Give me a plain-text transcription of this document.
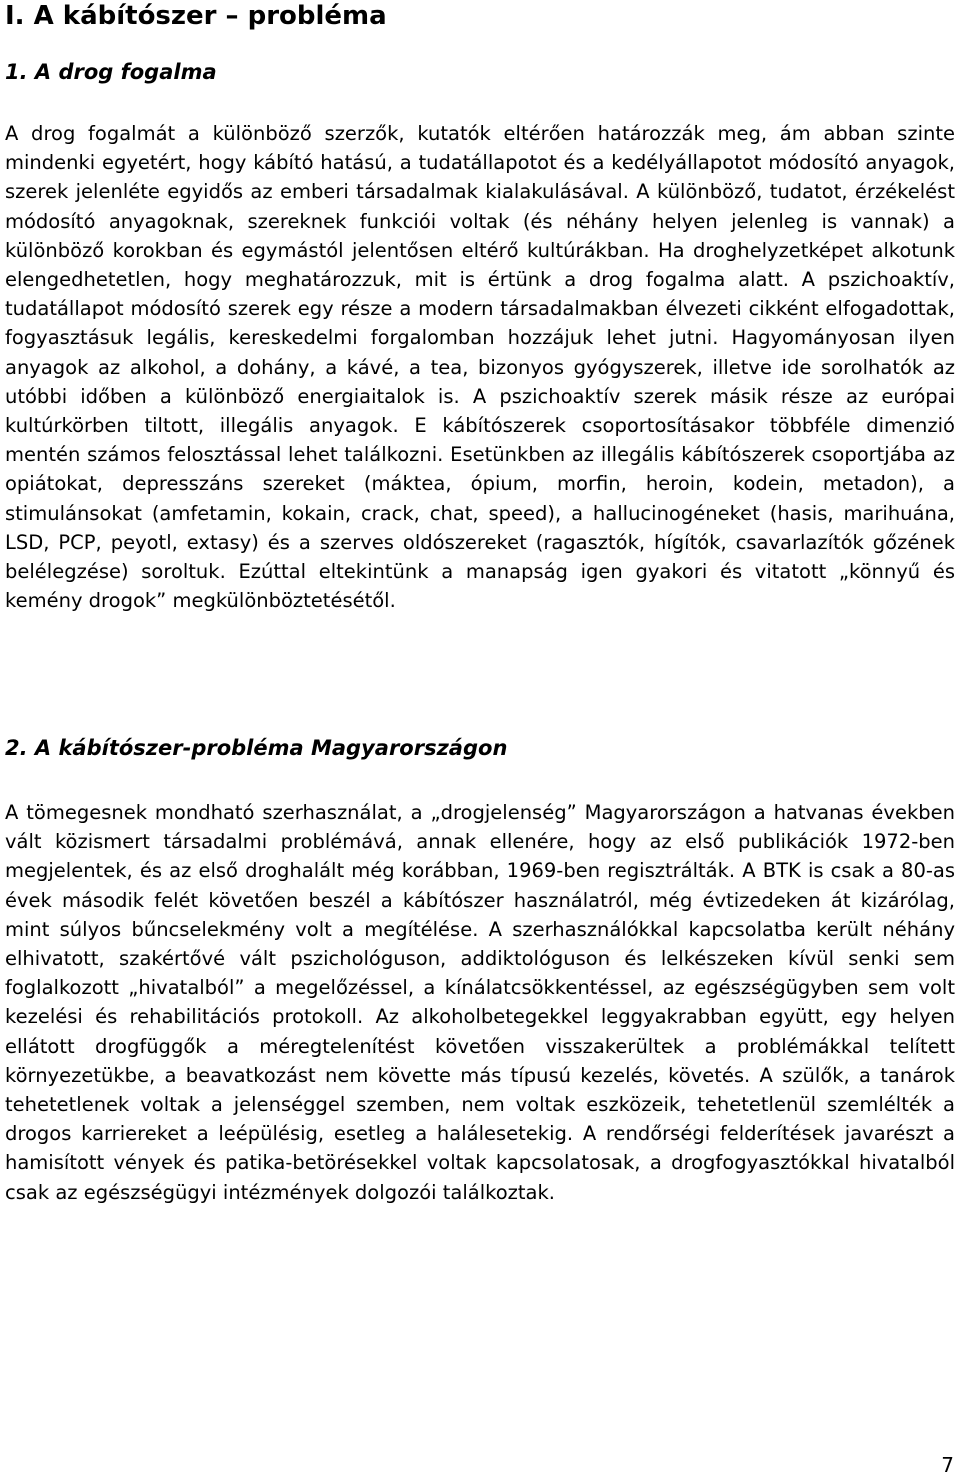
I. A kábítószer – probléma
1. A drog fogalma

A drog fogalmát a különböző szerzők, kutatók eltérően határozzák meg, ám abban szinte mindenki egyetért, hogy kábító hatású, a tudatállapotot és a kedélyállapotot módosító anyagok, szerek jelenléte egyidős az emberi társadalmak kialakulásával. A különböző, tudatot, érzékelést módosító anyagoknak, szereknek funkciói voltak (és néhány helyen jelenleg is vannak) a különböző korokban és egymástól jelentősen eltérő kultúrákban. Ha droghelyzetképet alkotunk elengedhetetlen, hogy meghatározzuk, mit is értünk a drog fogalma alatt. A pszichoaktív, tudatállapot módosító szerek egy része a modern társadalmakban élvezeti cikként elfogadottak, fogyasztásuk legális, kereskedelmi forgalomban hozzájuk lehet jutni. Hagyományosan ilyen anyagok az alkohol, a dohány, a kávé, a tea, bizonyos gyógyszerek, illetve ide sorolhatók az utóbbi időben a különböző energiaitalok is. A pszichoaktív szerek másik része az európai kultúrkörben tiltott, illegális anyagok. E kábítószerek csoportosításakor többféle dimenzió mentén számos felosztással lehet találkozni. Esetünkben az illegális kábítószerek csoportjába az opiátokat, depresszáns szereket (máktea, ópium, morfin, heroin, kodein, metadon), a stimulánsokat (amfetamin, kokain, crack, chat, speed), a hallucinogéneket (hasis, marihuána, LSD, PCP, peyotl, extasy) és a szerves oldószereket (ragasztók, hígítók, csavarlazítók gőzének belélegzése) soroltuk. Ezúttal eltekintünk a manapság igen gyakori és vitatott „könnyű és kemény drogok” megkülönböztetésétől.

2. A kábítószer-probléma Magyarországon

A tömegesnek mondható szerhasználat, a „drogjelenség” Magyarországon a hatvanas években vált közismert társadalmi problémává, annak ellenére, hogy az első publikációk 1972-ben megjelentek, és az első droghalált még korábban, 1969-ben regisztrálták. A BTK is csak a 80-as évek második felét követően beszél a kábítószer használatról, még évtizedeken át kizárólag, mint súlyos bűncselekmény volt a megítélése. A szerhasználókkal kapcsolatba került néhány elhivatott, szakértővé vált pszichológuson, addiktológuson és lelkészeken kívül senki sem foglalkozott „hivatalból” a megelőzéssel, a kínálatcsökkentéssel, az egészségügyben sem volt kezelési és rehabilitációs protokoll. Az alkoholbetegekkel leggyakrabban együtt, egy helyen ellátott drogfüggők a méregtelenítést követően visszakerültek a problémákkal telített környezetükbe, a beavatkozást nem követte más típusú kezelés, követés. A szülők, a tanárok tehetetlenek voltak a jelenséggel szemben, nem voltak eszközeik, tehetetlenül szemlélték a drogos karriereket a leépülésig, esetleg a halálesetekig. A rendőrségi felderítések javarészt a hamisított vények és patika-betörésekkel voltak kapcsolatosak, a drogfogyasztókkal hivatalból csak az egészségügyi intézmények dolgozói találkoztak.

7
